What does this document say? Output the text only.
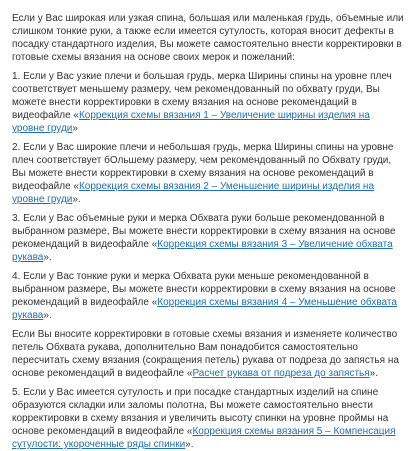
Если у Вас широкая или узкая спина, большая или маленькая грудь, объемные или слишком тонкие руки, а также если имеется сутулость, которая вносит дефекты в посадку стандартного изделия, Вы можете самостоятельно внести корректировки в готовые схемы вязания на основе своих мерок и пожеланий:

1. Если у Вас узкие плечи и большая грудь, мерка Ширины спины на уровне плеч соответствует меньшему размеру, чем рекомендованный по обхвату груди, Вы можете внести корректировки в схему вязания на основе рекомендаций в видеофайле «Коррекция схемы вязания 1 – Увеличение ширины изделия на уровне груди»

2. Если у Вас широкие плечи и небольшая грудь, мерка Ширины спины на уровне плеч соответствует бОльшему размеру, чем рекомендованный по Обхвату груди, Вы можете внести корректировки в схему вязания на основе рекомендаций в видеофайле «Коррекция схемы вязания 2 – Уменьшение ширины изделия на уровне груди».

3. Если у Вас объемные руки и мерка Обхвата руки больше рекомендованной в выбранном размере, Вы можете внести корректировки в схему вязания на основе рекомендаций в видеофайле «Коррекция схемы вязания 3 – Увеличение обхвата рукава».

4. Если у Вас тонкие руки и мерка Обхвата руки меньше рекомендованной в выбранном размере, Вы можете внести корректировки в схему вязания на основе рекомендаций в видеофайле «Коррекция схемы вязания 4 – Уменьшение обхвата рукава».

Если Вы вносите корректировки в готовые схемы вязания и изменяете количество петель Обхвата рукава, дополнительно Вам понадобится самостоятельно пересчитать схему вязания (сокращения петель) рукава от подреза до запястья на основе рекомендаций в видеофайле «Расчет рукава от подреза до запястья».

5. Если у Вас имеется сутулость и при посадке стандартных изделий на спине образуются складки или заломы полотна, Вы можете самостоятельно внести корректировки в схему вязания и увеличить высоту спинки на уровне проймы на основе рекомендаций в видеофайле «Коррекция схемы вязания 5 – Компенсация сутулости: укороченные ряды спинки».
